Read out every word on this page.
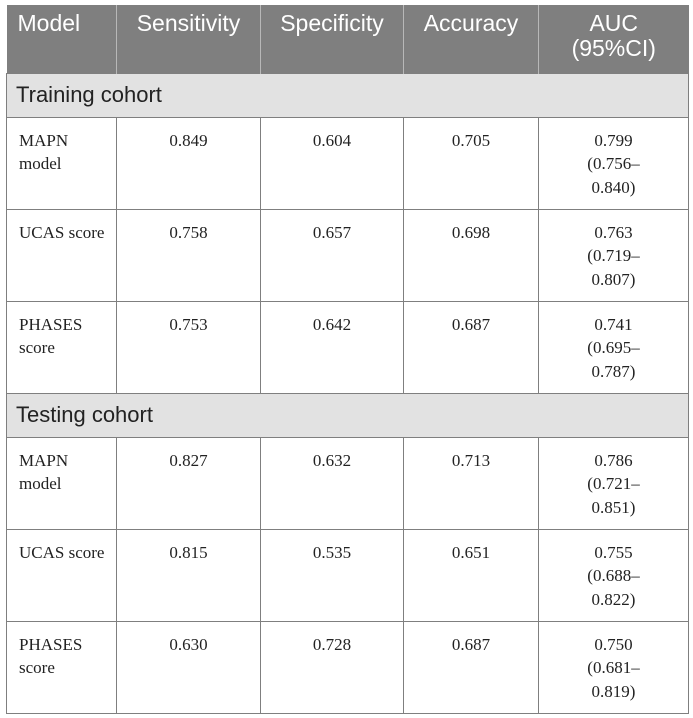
Model	Sensitivity	Specificity	Accuracy	AUC (95%CI)
Training cohort				
MAPN model	0.849	0.604	0.705	0.799 (0.756–0.840)
UCAS score	0.758	0.657	0.698	0.763 (0.719–0.807)
PHASES score	0.753	0.642	0.687	0.741 (0.695–0.787)
Testing cohort				
MAPN model	0.827	0.632	0.713	0.786 (0.721–0.851)
UCAS score	0.815	0.535	0.651	0.755 (0.688–0.822)
PHASES score	0.630	0.728	0.687	0.750 (0.681–0.819)
